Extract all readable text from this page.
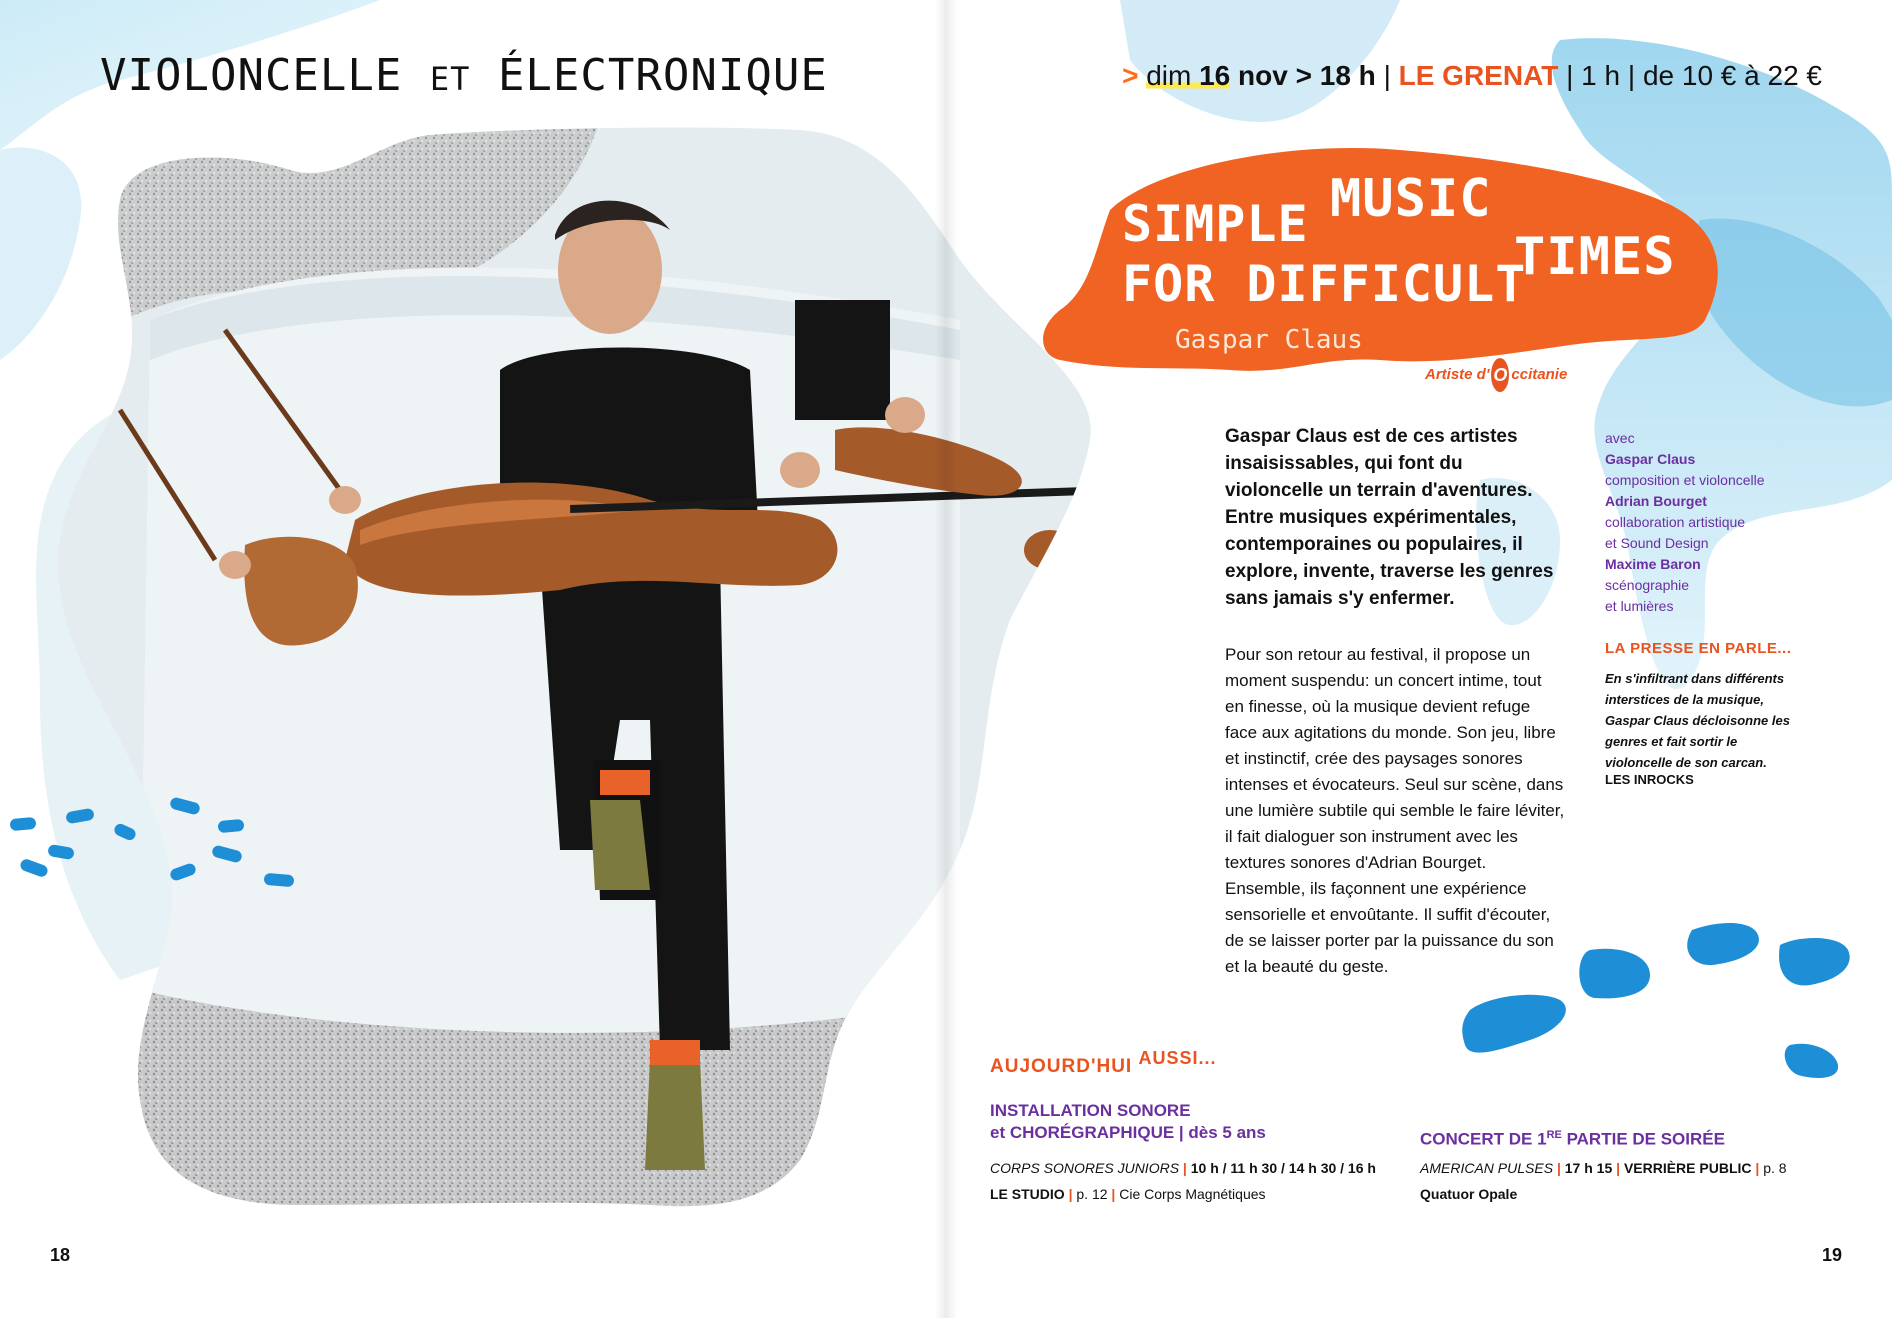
VIOLONCELLE ET ÉLECTRONIQUE
18
> dim 16 nov > 18 h | LE GRENAT | 1 h | de 10 € à 22 €
SIMPLE MUSIC
FOR DIFFICULT
TIMES
Gaspar Claus
Artiste d' O ccitanie
Gaspar Claus est de ces artistes insaisissables, qui font du violoncelle un terrain d'aventures. Entre musiques expérimentales, contemporaines ou populaires, il explore, invente, traverse les genres sans jamais s'y enfermer.
Pour son retour au festival, il propose un moment suspendu: un concert intime, tout en finesse, où la musique devient refuge face aux agitations du monde. Son jeu, libre et instinctif, crée des paysages sonores intenses et évocateurs. Seul sur scène, dans une lumière subtile qui semble le faire léviter, il fait dialoguer son instrument avec les textures sonores d'Adrian Bourget. Ensemble, ils façonnent une expérience sensorielle et envoûtante. Il suffit d'écouter, de se laisser porter par la puissance du son et la beauté du geste.
avec
Gaspar Claus
composition et violoncelle
Adrian Bourget
collaboration artistique
et Sound Design
Maxime Baron
scénographie
et lumières
LA PRESSE EN PARLE...
En s'infiltrant dans différents interstices de la musique, Gaspar Claus décloisonne les genres et fait sortir le violoncelle de son carcan.
LES INROCKS
AUJOURD'HUI AUSSI...
INSTALLATION SONORE
et CHORÉGRAPHIQUE | dès 5 ans
CORPS SONORES JUNIORS | 10 h / 11 h 30 / 14 h 30 / 16 h
LE STUDIO | p. 12 | Cie Corps Magnétiques
CONCERT DE 1RE PARTIE DE SOIRÉE
AMERICAN PULSES | 17 h 15 | VERRIÈRE PUBLIC | p. 8
Quatuor Opale
19
